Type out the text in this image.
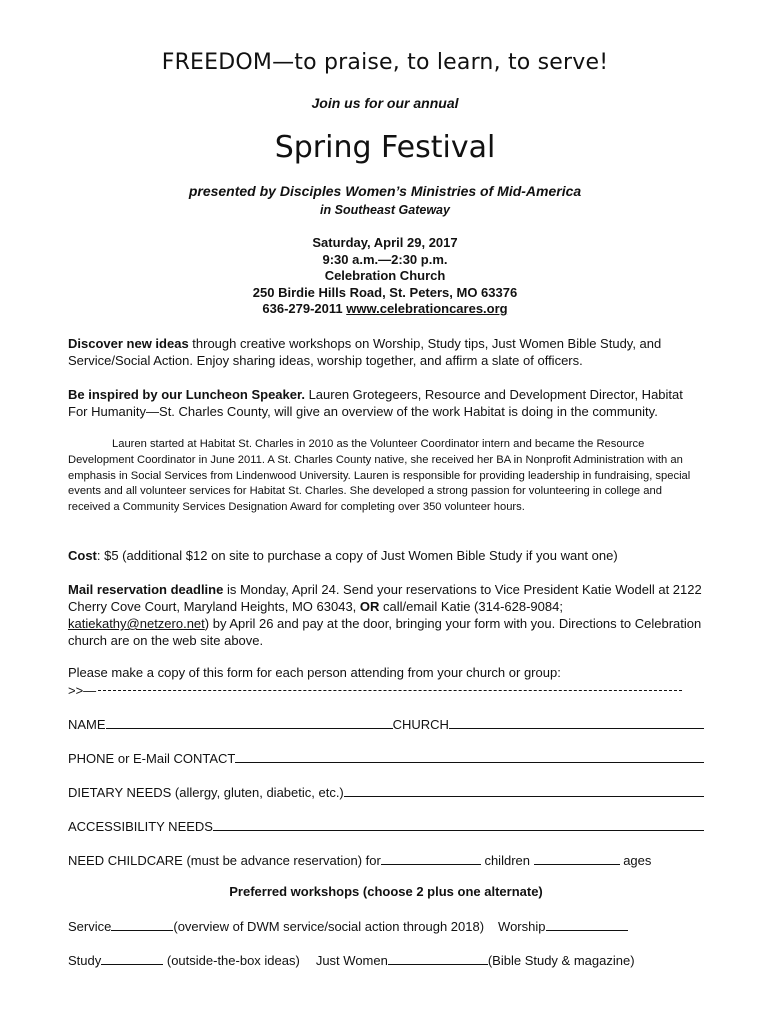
FREEDOM—to praise, to learn, to serve!
Join us for our annual
Spring Festival
presented by Disciples Women’s Ministries of Mid-America
in Southeast Gateway
Saturday, April 29, 2017
9:30 a.m.—2:30 p.m.
Celebration Church
250 Birdie Hills Road, St. Peters, MO 63376
636-279-2011 www.celebrationcares.org
Discover new ideas through creative workshops on Worship, Study tips, Just Women Bible Study, and Service/Social Action. Enjoy sharing ideas, worship together, and affirm a slate of officers.
Be inspired by our Luncheon Speaker. Lauren Grotegeers, Resource and Development Director, Habitat For Humanity—St. Charles County, will give an overview of the work Habitat is doing in the community.
Lauren started at Habitat St. Charles in 2010 as the Volunteer Coordinator intern and became the Resource Development Coordinator in June 2011. A St. Charles County native, she received her BA in Nonprofit Administration with an emphasis in Social Services from Lindenwood University. Lauren is responsible for providing leadership in fundraising, special events and all volunteer services for Habitat St. Charles. She developed a strong passion for volunteering in college and received a Community Services Designation Award for completing over 350 volunteer hours.
Cost: $5 (additional $12 on site to purchase a copy of Just Women Bible Study if you want one)
Mail reservation deadline is Monday, April 24. Send your reservations to Vice President Katie Wodell at 2122 Cherry Cove Court, Maryland Heights, MO 63043, OR call/email Katie (314-628-9084; katiekathy@netzero.net) by April 26 and pay at the door, bringing your form with you. Directions to Celebration church are on the web site above.
Please make a copy of this form for each person attending from your church or group:
>>—
NAME	CHURCH
PHONE or E-Mail CONTACT
DIETARY NEEDS (allergy, gluten, diabetic, etc.)
ACCESSIBILITY NEEDS
NEED CHILDCARE (must be advance reservation) for	children	ages
Preferred workshops (choose 2 plus one alternate)
Service	(overview of DWM service/social action through 2018) Worship
Study	(outside-the-box ideas) Just Women	(Bible Study & magazine)
